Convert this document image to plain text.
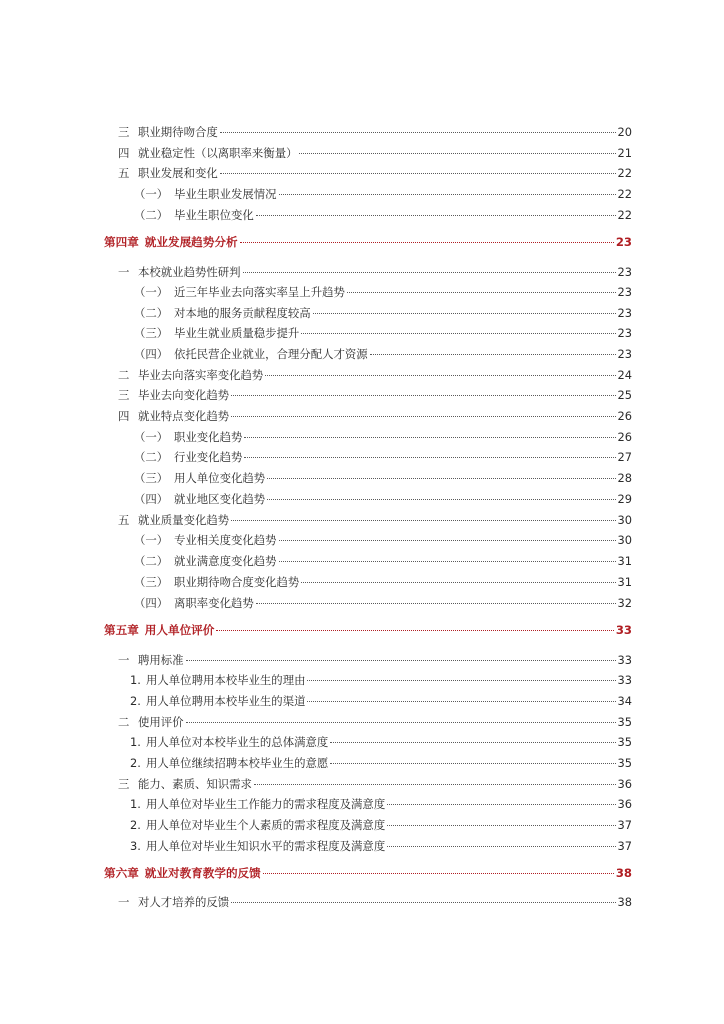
三 职业期待吻合度	20
四 就业稳定性（以离职率来衡量）	21
五 职业发展和变化	22
（一） 毕业生职业发展情况	22
（二） 毕业生职位变化	22
第四章 就业发展趋势分析	23
一 本校就业趋势性研判	23
（一） 近三年毕业去向落实率呈上升趋势	23
（二） 对本地的服务贡献程度较高	23
（三） 毕业生就业质量稳步提升	23
（四） 依托民营企业就业，合理分配人才资源	23
二 毕业去向落实率变化趋势	24
三 毕业去向变化趋势	25
四 就业特点变化趋势	26
（一） 职业变化趋势	26
（二） 行业变化趋势	27
（三） 用人单位变化趋势	28
（四） 就业地区变化趋势	29
五 就业质量变化趋势	30
（一） 专业相关度变化趋势	30
（二） 就业满意度变化趋势	31
（三） 职业期待吻合度变化趋势	31
（四） 离职率变化趋势	32
第五章 用人单位评价	33
一 聘用标准	33
1. 用人单位聘用本校毕业生的理由	33
2. 用人单位聘用本校毕业生的渠道	34
二 使用评价	35
1. 用人单位对本校毕业生的总体满意度	35
2. 用人单位继续招聘本校毕业生的意愿	35
三 能力、素质、知识需求	36
1. 用人单位对毕业生工作能力的需求程度及满意度	36
2. 用人单位对毕业生个人素质的需求程度及满意度	37
3. 用人单位对毕业生知识水平的需求程度及满意度	37
第六章 就业对教育教学的反馈	38
一 对人才培养的反馈	38
